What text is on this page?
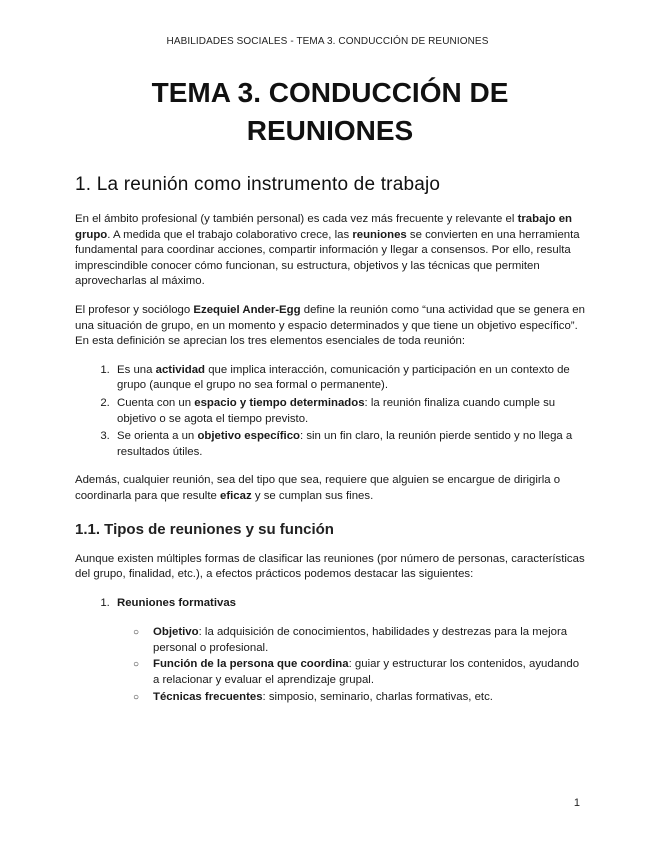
HABILIDADES SOCIALES - TEMA 3. CONDUCCIÓN DE REUNIONES
TEMA 3. CONDUCCIÓN DE
REUNIONES
1. La reunión como instrumento de trabajo

En el ámbito profesional (y también personal) es cada vez más frecuente y relevante el trabajo en grupo. A medida que el trabajo colaborativo crece, las reuniones se convierten en una herramienta fundamental para coordinar acciones, compartir información y llegar a consensos. Por ello, resulta imprescindible conocer cómo funcionan, su estructura, objetivos y las técnicas que permiten aprovecharlas al máximo.

El profesor y sociólogo Ezequiel Ander-Egg define la reunión como “una actividad que se genera en una situación de grupo, en un momento y espacio determinados y que tiene un objetivo específico”. En esta definición se aprecian los tres elementos esenciales de toda reunión:

1. Es una actividad que implica interacción, comunicación y participación en un contexto de grupo (aunque el grupo no sea formal o permanente).
2. Cuenta con un espacio y tiempo determinados: la reunión finaliza cuando cumple su objetivo o se agota el tiempo previsto.
3. Se orienta a un objetivo específico: sin un fin claro, la reunión pierde sentido y no llega a resultados útiles.

Además, cualquier reunión, sea del tipo que sea, requiere que alguien se encargue de dirigirla o coordinarla para que resulte eficaz y se cumplan sus fines.

1.1. Tipos de reuniones y su función

Aunque existen múltiples formas de clasificar las reuniones (por número de personas, características del grupo, finalidad, etc.), a efectos prácticos podemos destacar las siguientes:

1. Reuniones formativas
○ Objetivo: la adquisición de conocimientos, habilidades y destrezas para la mejora personal o profesional.
○ Función de la persona que coordina: guiar y estructurar los contenidos, ayudando a relacionar y evaluar el aprendizaje grupal.
○ Técnicas frecuentes: simposio, seminario, charlas formativas, etc.
1
